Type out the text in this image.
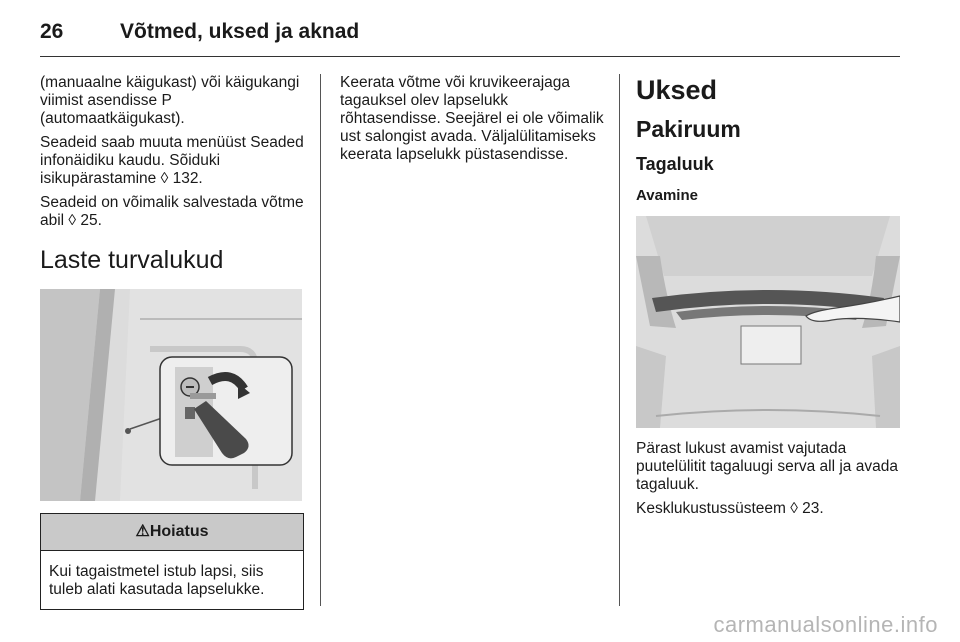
26	Võtmed, uksed ja aknad

(manuaalne käigukast) või käigukangi viimist asendisse P (automaatkäigukast).

Seadeid saab muuta menüüst Seaded infonäidiku kaudu. Sõiduki isikupärastamine ◊ 132.

Seadeid on võimalik salvestada võtme abil ◊ 25.

Laste turvalukud
⚠Hoiatus

Kui tagaistmetel istub lapsi, siis tuleb alati kasutada lapselukke.

Keerata võtme või kruvikeerajaga tagauksel olev lapselukk rõhtasendisse. Seejärel ei ole võimalik ust salongist avada. Väljalülitamiseks keerata lapselukk püstasendisse.

Uksed
Pakiruum
Tagaluuk
Avamine

Pärast lukust avamist vajutada puutelülitit tagaluugi serva all ja avada tagaluuk.

Kesklukustussüsteem ◊ 23.

carmanualsonline.info
